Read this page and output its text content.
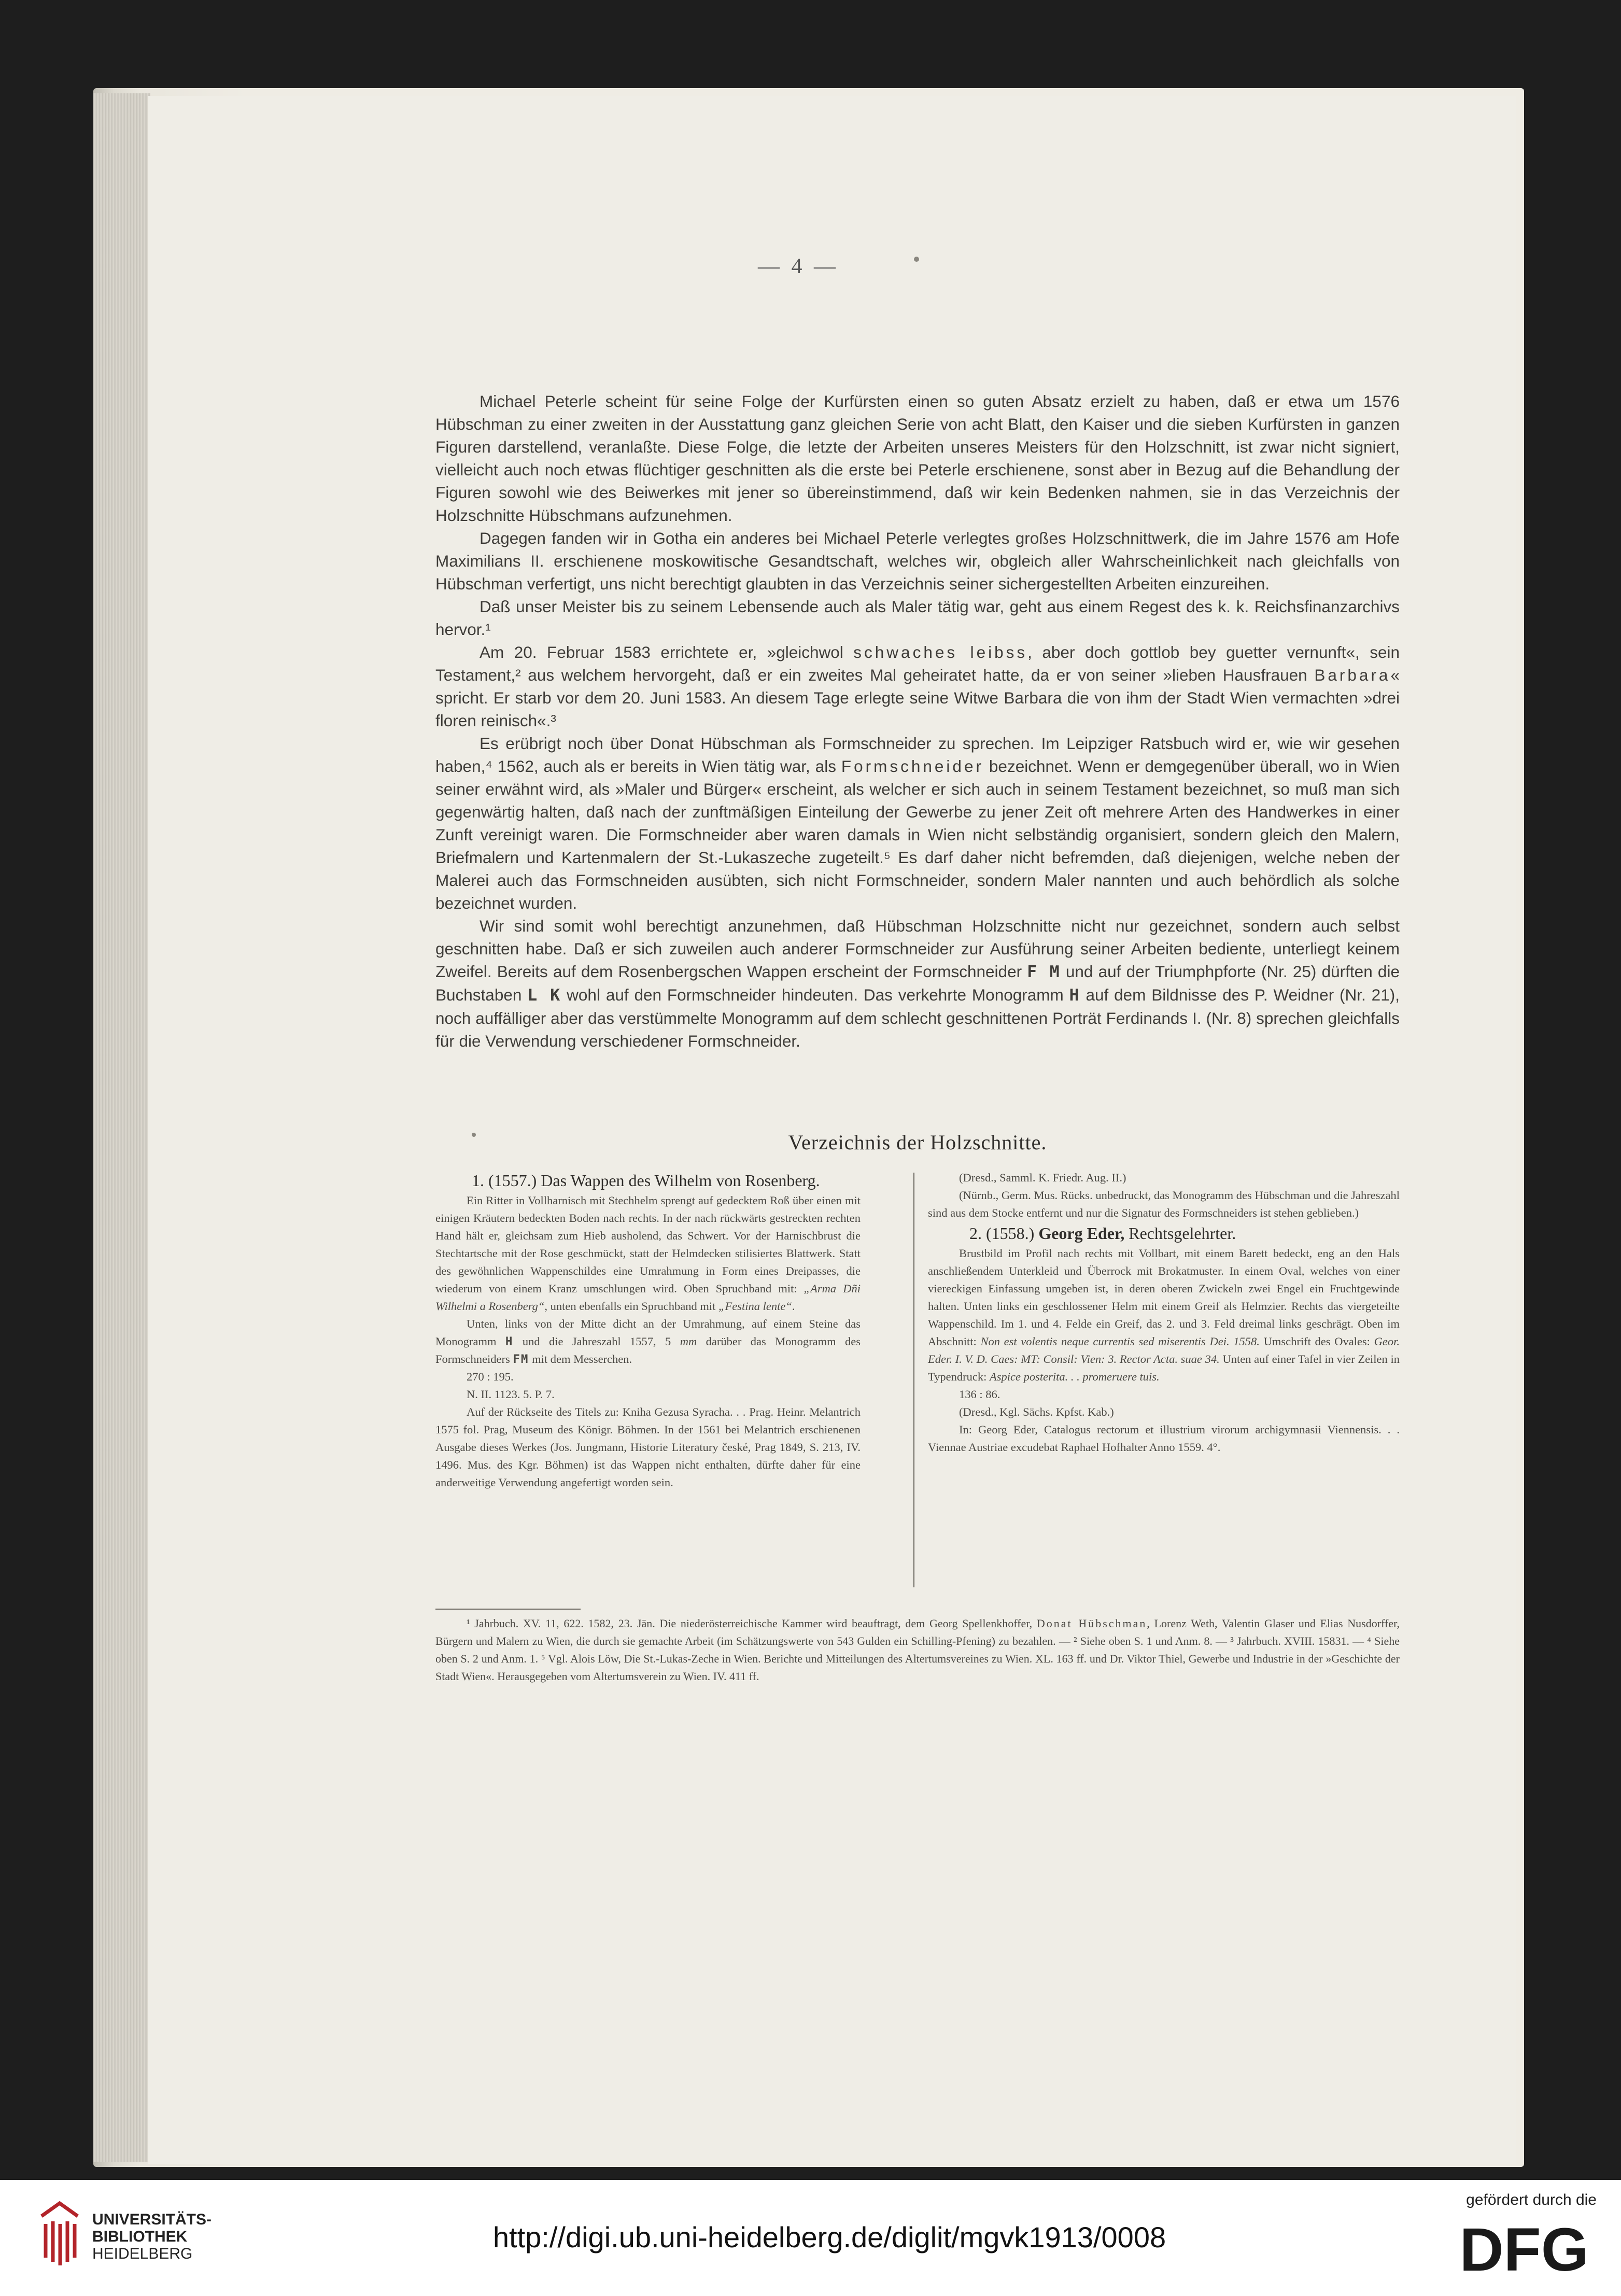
— 4 —

Michael Peterle scheint für seine Folge der Kurfürsten einen so guten Absatz erzielt zu haben, daß er etwa um 1576 Hübschman zu einer zweiten in der Ausstattung ganz gleichen Serie von acht Blatt, den Kaiser und die sieben Kurfürsten in ganzen Figuren darstellend, veranlaßte. Diese Folge, die letzte der Arbeiten unseres Meisters für den Holzschnitt, ist zwar nicht signiert, vielleicht auch noch etwas flüchtiger geschnitten als die erste bei Peterle erschienene, sonst aber in Bezug auf die Behandlung der Figuren sowohl wie des Beiwerkes mit jener so übereinstimmend, daß wir kein Bedenken nahmen, sie in das Verzeichnis der Holzschnitte Hübschmans aufzunehmen.

Dagegen fanden wir in Gotha ein anderes bei Michael Peterle verlegtes großes Holzschnittwerk, die im Jahre 1576 am Hofe Maximilians II. erschienene moskowitische Gesandtschaft, welches wir, obgleich aller Wahrscheinlichkeit nach gleichfalls von Hübschman verfertigt, uns nicht berechtigt glaubten in das Verzeichnis seiner sichergestellten Arbeiten einzureihen.

Daß unser Meister bis zu seinem Lebensende auch als Maler tätig war, geht aus einem Regest des k. k. Reichsfinanzarchivs hervor.¹

Am 20. Februar 1583 errichtete er, »gleichwol schwaches leibss, aber doch gottlob bey guetter vernunft«, sein Testament,² aus welchem hervorgeht, daß er ein zweites Mal geheiratet hatte, da er von seiner »lieben Hausfrauen Barbara« spricht. Er starb vor dem 20. Juni 1583. An diesem Tage erlegte seine Witwe Barbara die von ihm der Stadt Wien vermachten »drei floren reinisch«.³

Es erübrigt noch über Donat Hübschman als Formschneider zu sprechen. Im Leipziger Ratsbuch wird er, wie wir gesehen haben,⁴ 1562, auch als er bereits in Wien tätig war, als Formschneider bezeichnet. Wenn er demgegenüber überall, wo in Wien seiner erwähnt wird, als »Maler und Bürger« erscheint, als welcher er sich auch in seinem Testament bezeichnet, so muß man sich gegenwärtig halten, daß nach der zunftmäßigen Einteilung der Gewerbe zu jener Zeit oft mehrere Arten des Handwerkes in einer Zunft vereinigt waren. Die Formschneider aber waren damals in Wien nicht selbständig organisiert, sondern gleich den Malern, Briefmalern und Kartenmalern der St.-Lukaszeche zugeteilt.⁵ Es darf daher nicht befremden, daß diejenigen, welche neben der Malerei auch das Formschneiden ausübten, sich nicht Formschneider, sondern Maler nannten und auch behördlich als solche bezeichnet wurden.

Wir sind somit wohl berechtigt anzunehmen, daß Hübschman Holzschnitte nicht nur gezeichnet, sondern auch selbst geschnitten habe. Daß er sich zuweilen auch anderer Formschneider zur Ausführung seiner Arbeiten bediente, unterliegt keinem Zweifel. Bereits auf dem Rosenbergschen Wappen erscheint der Formschneider F M und auf der Triumphpforte (Nr. 25) dürften die Buchstaben L K wohl auf den Formschneider hindeuten. Das verkehrte Monogramm H auf dem Bildnisse des P. Weidner (Nr. 21), noch auffälliger aber das verstümmelte Monogramm auf dem schlecht geschnittenen Porträt Ferdinands I. (Nr. 8) sprechen gleichfalls für die Verwendung verschiedener Formschneider.

Verzeichnis der Holzschnitte.

1. (1557.) Das Wappen des Wilhelm von Rosenberg.

Ein Ritter in Vollharnisch mit Stechhelm sprengt auf gedecktem Roß über einen mit einigen Kräutern bedeckten Boden nach rechts. In der nach rückwärts gestreckten rechten Hand hält er, gleichsam zum Hieb ausholend, das Schwert. Vor der Harnischbrust die Stechtartsche mit der Rose geschmückt, statt der Helmdecken stilisiertes Blattwerk. Statt des gewöhnlichen Wappenschildes eine Umrahmung in Form eines Dreipasses, die wiederum von einem Kranz umschlungen wird. Oben Spruchband mit: „Arma Dñi Wilhelmi a Rosenberg“, unten ebenfalls ein Spruchband mit „Festina lente“.

Unten, links von der Mitte dicht an der Umrahmung, auf einem Steine das Monogramm H und die Jahreszahl 1557, 5 mm darüber das Monogramm des Formschneiders FM mit dem Messerchen.

270 : 195.

N. II. 1123. 5. P. 7.

Auf der Rückseite des Titels zu: Kniha Gezusa Syracha. . . Prag. Heinr. Melantrich 1575 fol. Prag, Museum des Königr. Böhmen. In der 1561 bei Melantrich erschienenen Ausgabe dieses Werkes (Jos. Jungmann, Historie Literatury české, Prag 1849, S. 213, IV. 1496. Mus. des Kgr. Böhmen) ist das Wappen nicht enthalten, dürfte daher für eine anderweitige Verwendung angefertigt worden sein.

(Dresd., Samml. K. Friedr. Aug. II.)

(Nürnb., Germ. Mus. Rücks. unbedruckt, das Monogramm des Hübschman und die Jahreszahl sind aus dem Stocke entfernt und nur die Signatur des Formschneiders ist stehen geblieben.)

2. (1558.) Georg Eder, Rechtsgelehrter.

Brustbild im Profil nach rechts mit Vollbart, mit einem Barett bedeckt, eng an den Hals anschließendem Unterkleid und Überrock mit Brokatmuster. In einem Oval, welches von einer viereckigen Einfassung umgeben ist, in deren oberen Zwickeln zwei Engel ein Fruchtgewinde halten. Unten links ein geschlossener Helm mit einem Greif als Helmzier. Rechts das viergeteilte Wappenschild. Im 1. und 4. Felde ein Greif, das 2. und 3. Feld dreimal links geschrägt. Oben im Abschnitt: Non est volentis neque currentis sed miserentis Dei. 1558. Umschrift des Ovales: Geor. Eder. I. V. D. Caes: MT: Consil: Vien: 3. Rector Acta. suae 34. Unten auf einer Tafel in vier Zeilen in Typendruck: Aspice posterita. . . promeruere tuis.

136 : 86.

(Dresd., Kgl. Sächs. Kpfst. Kab.)

In: Georg Eder, Catalogus rectorum et illustrium virorum archigymnasii Viennensis. . . Viennae Austriae excudebat Raphael Hofhalter Anno 1559. 4°.

¹ Jahrbuch. XV. 11, 622. 1582, 23. Jän. Die niederösterreichische Kammer wird beauftragt, dem Georg Spellenkhoffer, Donat Hübschman, Lorenz Weth, Valentin Glaser und Elias Nusdorffer, Bürgern und Malern zu Wien, die durch sie gemachte Arbeit (im Schätzungswerte von 543 Gulden ein Schilling-Pfening) zu bezahlen. — ² Siehe oben S. 1 und Anm. 8. — ³ Jahrbuch. XVIII. 15831. — ⁴ Siehe oben S. 2 und Anm. 1. ⁵ Vgl. Alois Löw, Die St.-Lukas-Zeche in Wien. Berichte und Mitteilungen des Altertumsvereines zu Wien. XL. 163 ff. und Dr. Viktor Thiel, Gewerbe und Industrie in der »Geschichte der Stadt Wien«. Herausgegeben vom Altertumsverein zu Wien. IV. 411 ff.

UNIVERSITÄTS-
BIBLIOTHEK
HEIDELBERG
http://digi.ub.uni-heidelberg.de/diglit/mgvk1913/0008
gefördert durch die
DFG
